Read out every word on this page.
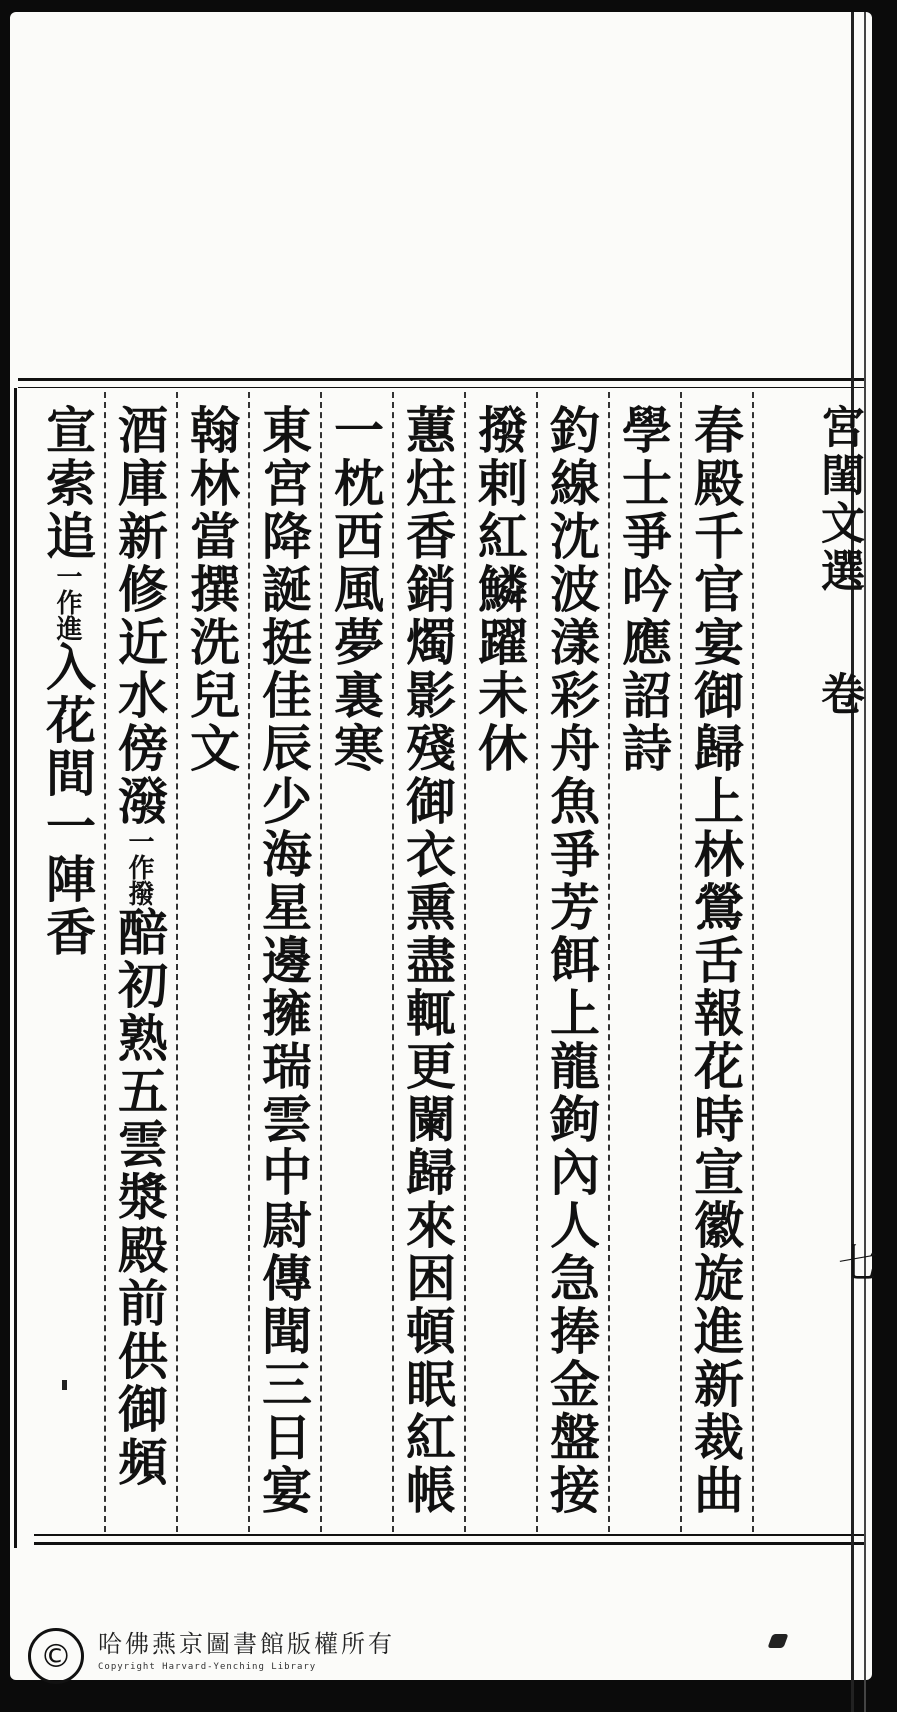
宮閨文選 卷
七
春殿千官宴御歸上林鶯舌報花時宣徽旋進新裁曲
學士爭吟應詔詩
釣線沈波漾彩舟魚爭芳餌上龍鉤內人急捧金盤接
撥剌紅鱗躍未休
蕙炷香銷燭影殘御衣熏盡輒更闌歸來困頓眠紅帳
一枕西風夢裏寒
東宮降誕挺佳辰少海星邊擁瑞雲中尉傳聞三日宴
翰林當撰洗兒文
酒庫新修近水傍潑一作撥醅初熟五雲漿殿前供御頻
宣索追一作進入花間一陣香
©	哈佛燕京圖書館版權所有
Copyright Harvard-Yenching Library
